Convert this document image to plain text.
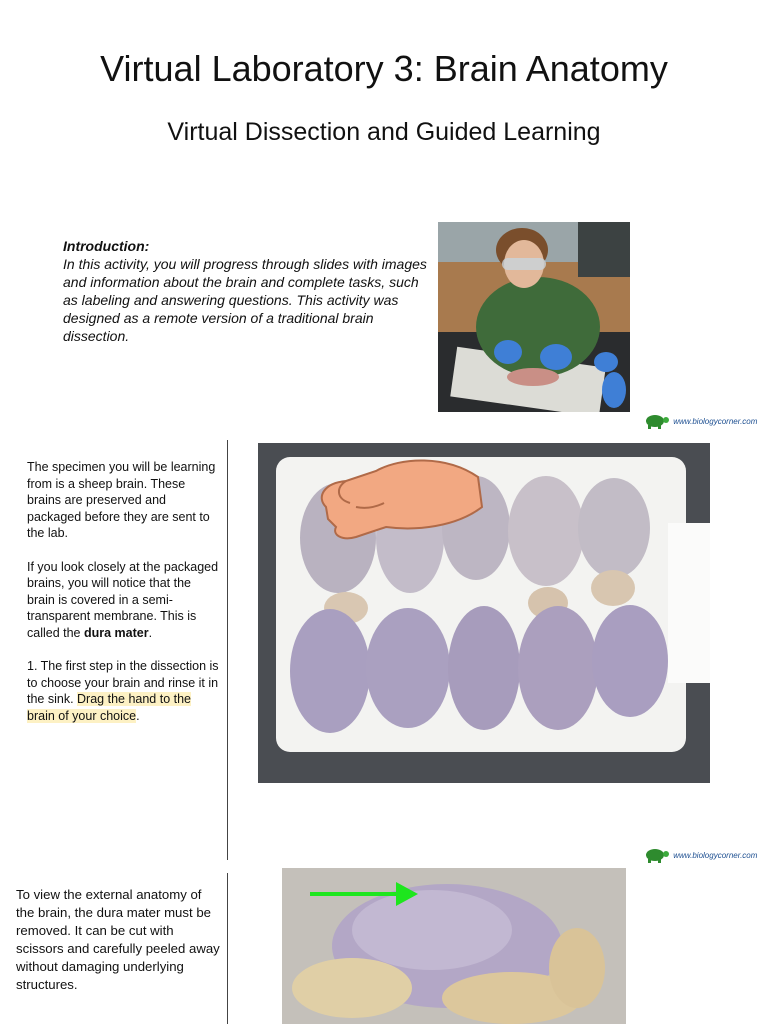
Virtual Laboratory 3: Brain Anatomy
Virtual Dissection and Guided Learning
Introduction:
In this activity, you will progress through slides with images and information about the brain and complete tasks, such as labeling and answering questions. This activity was designed as a remote version of a traditional brain dissection.
www.biologycorner.com

The specimen you will be learning from is a sheep brain. These brains are preserved and packaged before they are sent to the lab.

If you look closely at the packaged brains, you will notice that the brain is covered in a semi-transparent membrane. This is called the dura mater.

1. The first step in the dissection is to choose your brain and rinse it in the sink. Drag the hand to the brain of your choice.

www.biologycorner.com
To view the external anatomy of the brain, the dura mater must be removed. It can be cut with scissors and carefully peeled away without damaging underlying structures.
